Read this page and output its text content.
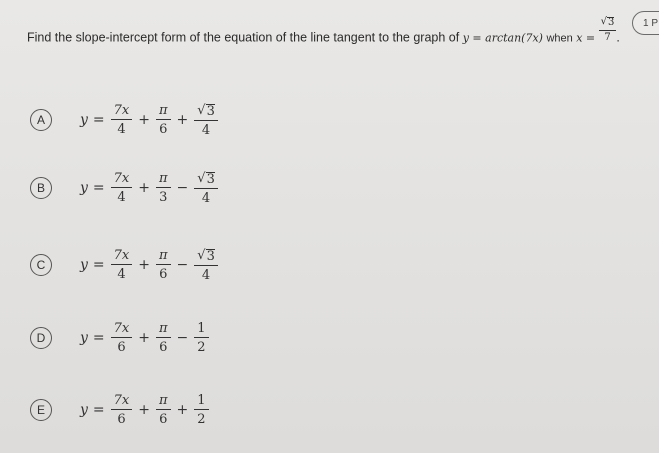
1 P
Find the slope-intercept form of the equation of the line tangent to the graph of y = arctan(7x) when $x = \frac{√ 3}{7}$ .
A	$y = \frac{7x}{4} + \frac{\pi}{6} + \frac{√ 3}{4}$
B	$y = \frac{7x}{4} + \frac{\pi}{3} - \frac{√ 3}{4}$
C	$y = \frac{7x}{4} + \frac{\pi}{6} - \frac{√ 3}{4}$
D	$y = \frac{7x}{6} + \frac{\pi}{6} - \frac{1}{2}$
E	$y = \frac{7x}{6} + \frac{\pi}{6} + \frac{1}{2}$
